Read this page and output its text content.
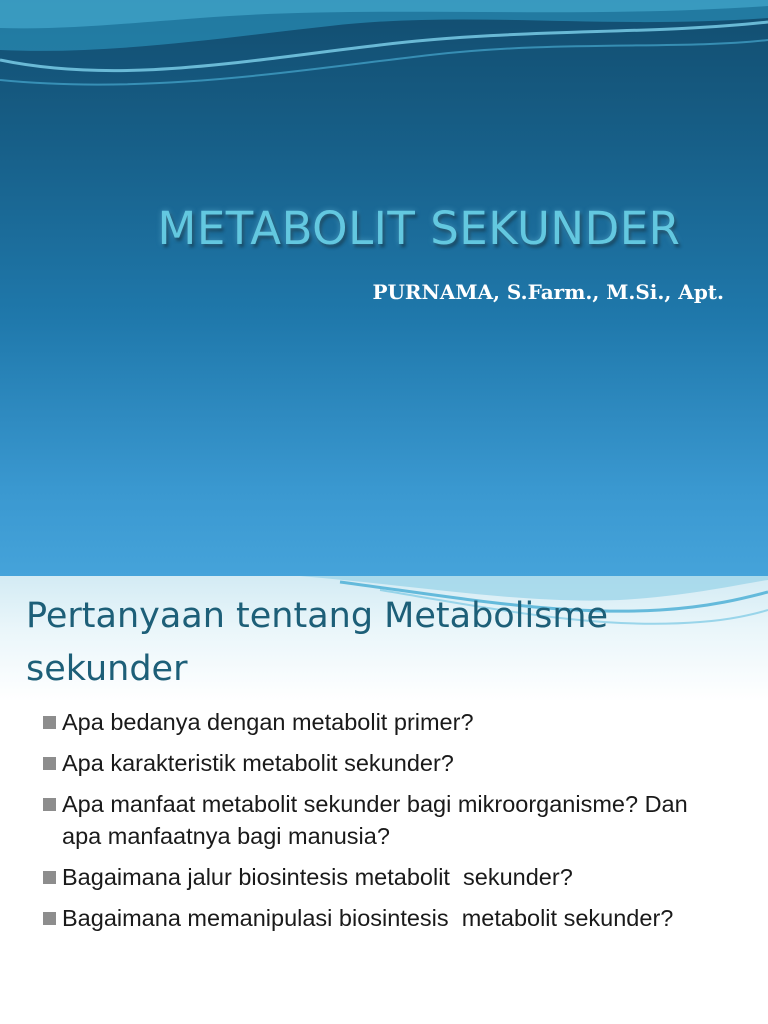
METABOLIT SEKUNDER
PURNAMA, S.Farm., M.Si., Apt.
Pertanyaan tentang Metabolisme sekunder
Apa bedanya dengan metabolit primer?
Apa karakteristik metabolit sekunder?
Apa manfaat metabolit sekunder bagi mikroorganisme? Dan apa manfaatnya bagi manusia?
Bagaimana jalur biosintesis metabolit  sekunder?
Bagaimana memanipulasi biosintesis  metabolit sekunder?
